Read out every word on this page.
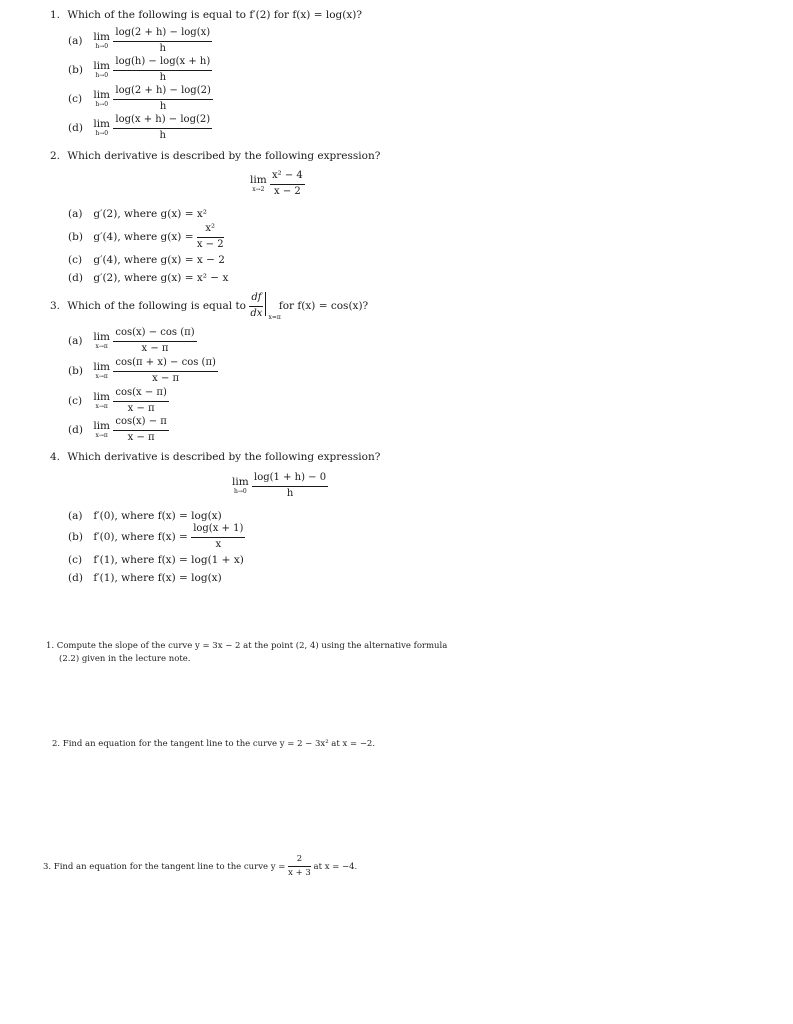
1. Which of the following is equal to f′(2) for f(x) = log(x)?
(a) lim
h→0
$\frac{\log(2 + h) - \log(x)}{h}$
(b) lim
h→0
$\frac{\log(h) - \log(x + h)}{h}$
(c) lim
h→0
$\frac{\log(2 + h) - \log(2)}{h}$
(d) lim
h→0
$\frac{\log(x + h) - \log(2)}{h}$
2. Which derivative is described by the following expression?
lim
x→2
$\frac{\text{x² − 4}}{x - 2}$
(a) g′(2), where g(x) = x²
(b) g′(4), where $g(x) = \frac{\text{x²}}{x - 2}$
(c) g′(4), where g(x) = x − 2
(d) g′(2), where g(x) = x² − x
3. Which of the following is equal to $\frac{df}{dx} x=\pi$
for f(x) = cos(x)?
(a) lim
x→π
$\frac{\cos(x) - \cos (\pi)}{x - \pi}$
(b) lim
x→π
$\frac{\cos(\pi + x) - \cos (\pi)}{x - \pi}$
(c) lim
x→π
$\frac{\cos(x - \pi)}{x - \pi}$
(d) lim
x→π
$\frac{\cos(x) - \pi}{x - \pi}$
4. Which derivative is described by the following expression?
lim
h→0
$\frac{\log(1 + h) - 0}{h}$
(a) f′(0), where f(x) = log(x)
(b) f′(0), where $f(x) = \frac{\log(x + 1)}{x}$
(c) f′(1), where f(x) = log(1 + x)
(d) f′(1), where f(x) = log(x)
1. Compute the slope of the curve y = 3x − 2 at the point (2, 4) using the alternative formula
(2.2) given in the lecture note.
2. Find an equation for the tangent line to the curve y = 2 − 3x² at x = −2.
3. Find an equation for the tangent line to the curve $y = \frac{2}{x + 3}$ at x = −4.
